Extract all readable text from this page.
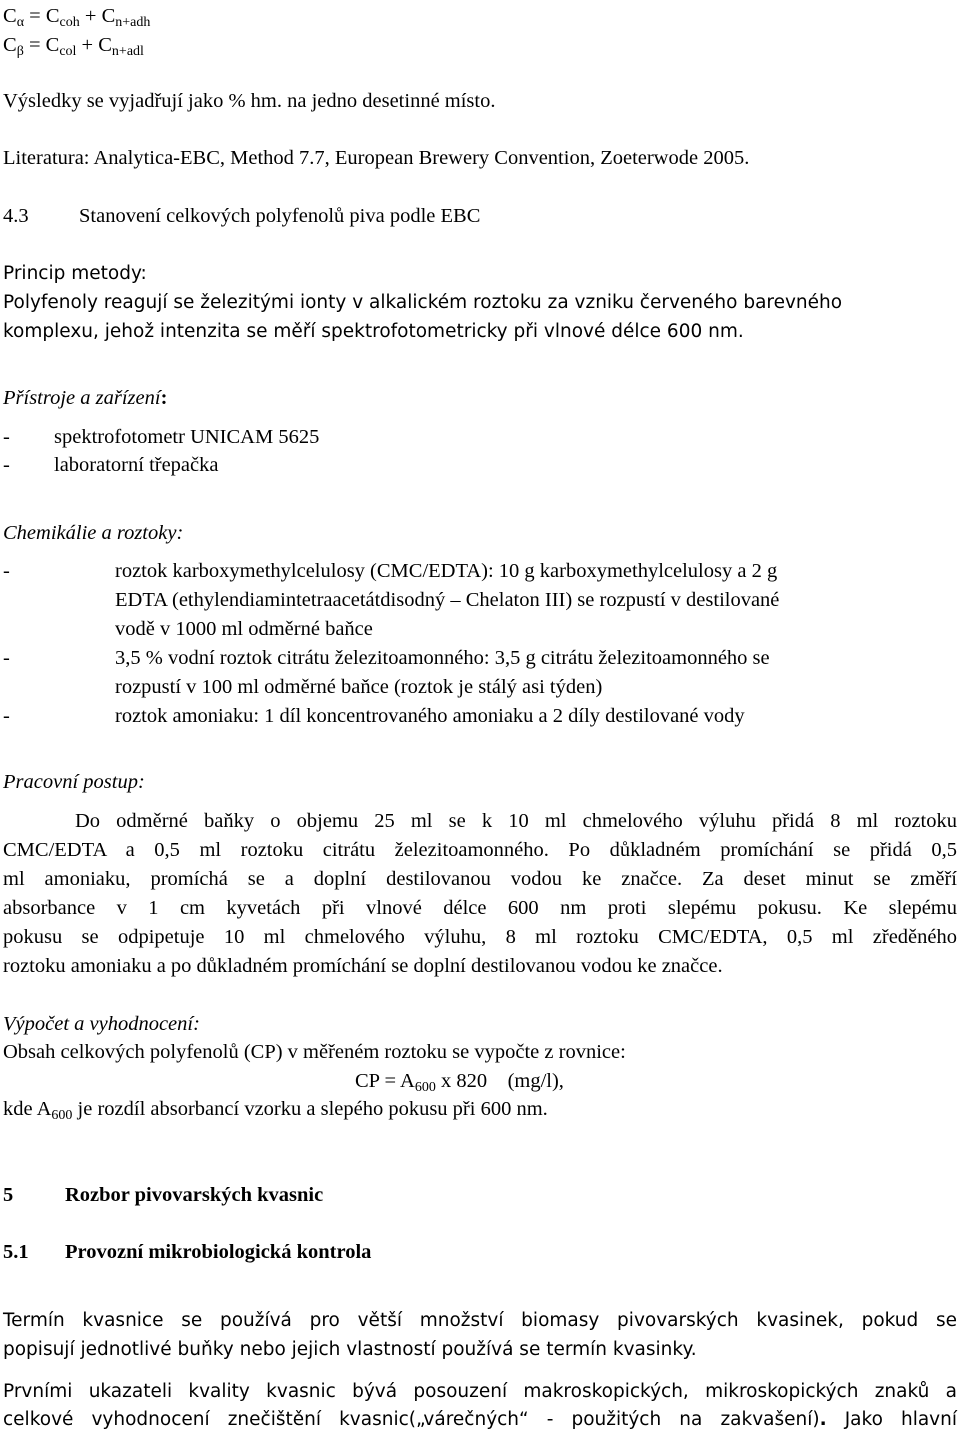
$C_\alpha = C_{coh} + C_{n+adh}$
$C_\beta = C_{col} + C_{n+adl}$
Výsledky se vyjadřují jako % hm. na jedno desetinné místo.
Literatura: Analytica-EBC, Method 7.7, European Brewery Convention, Zoeterwode 2005.
4.3 Stanovení celkových polyfenolů piva podle EBC
Princip metody:
Polyfenoly reagují se železitými ionty v alkalickém roztoku za vzniku červeného barevného
komplexu, jehož intenzita se měří spektrofotometricky při vlnové délce 600 nm.
Přístroje a zařízení:
- spektrofotometr UNICAM 5625
- laboratorní třepačka
Chemikálie a roztoky:
-	roztok karboxymethylcelulosy (CMC/EDTA): 10 g karboxymethylcelulosy a 2 g
EDTA (ethylendiamintetraacetátdisodný – Chelaton III) se rozpustí v destilované
vodě v 1000 ml odměrné baňce
-	3,5 % vodní roztok citrátu železitoamonného: 3,5 g citrátu železitoamonného se
rozpustí v 100 ml odměrné baňce (roztok je stálý asi týden)
-	roztok amoniaku: 1 díl koncentrovaného amoniaku a 2 díly destilované vody
Pracovní postup:
Do odměrné baňky o objemu 25 ml se k 10 ml chmelového výluhu přidá 8 ml roztoku
CMC/EDTA a 0,5 ml roztoku citrátu železitoamonného. Po důkladném promíchání se přidá 0,5
ml amoniaku, promíchá se a doplní destilovanou vodou ke značce. Za deset minut se změří
absorbance v 1 cm kyvetách při vlnové délce 600 nm proti slepému pokusu. Ke slepému
pokusu se odpipetuje 10 ml chmelového výluhu, 8 ml roztoku CMC/EDTA, 0,5 ml zředěného
roztoku amoniaku a po důkladném promíchání se doplní destilovanou vodou ke značce.
Výpočet a vyhodnocení:
Obsah celkových polyfenolů (CP) v měřeném roztoku se vypočte z rovnice:
CP = $A_{600}$ x 820    (mg/l),
kde $A_{600}$ je rozdíl absorbancí vzorku a slepého pokusu při 600 nm.
5	Rozbor pivovarských kvasnic
5.1 Provozní mikrobiologická kontrola
Termín kvasnice se používá pro větší množství biomasy pivovarských kvasinek, pokud se
popisují jednotlivé buňky nebo jejich vlastností používá se termín kvasinky.
Prvními ukazateli kvality kvasnic bývá posouzení makroskopických, mikroskopických znaků a
celkové vyhodnocení znečištění kvasnic(„várečných“ - použitých na zakvašení). Jako hlavní
